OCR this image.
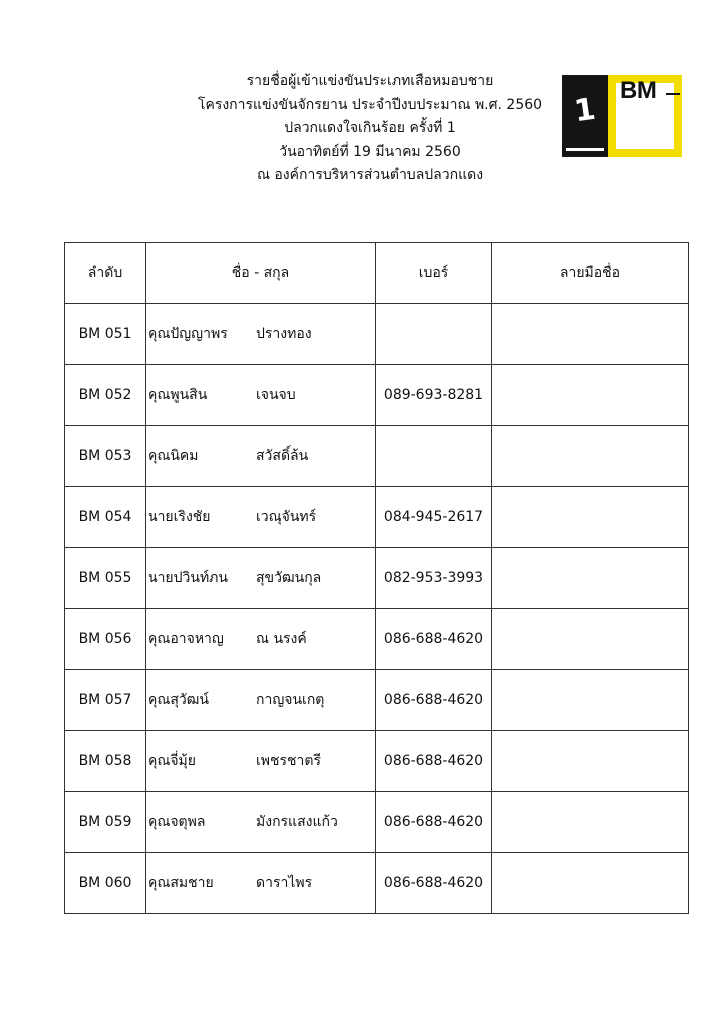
รายชื่อผู้เข้าแข่งขันประเภทเสือหมอบชาย
โครงการแข่งขันจักรยาน ประจำปีงบประมาณ พ.ศ. 2560
ปลวกแดงใจเกินร้อย ครั้งที่ 1
วันอาทิตย์ที่ 19 มีนาคม 2560
ณ องค์การบริหารส่วนตำบลปลวกแดง
1
BM
ลำดับ	ชื่อ - สกุล	เบอร์	ลายมือชื่อ
BM 051	คุณปัญญาพร ปรางทอง		
BM 052	คุณพูนสิน เจนจบ	089-693-8281	
BM 053	คุณนิคม สวัสดิ์ล้น		
BM 054	นายเริงชัย เวณุจันทร์	084-945-2617	
BM 055	นายปวินท์ภน สุขวัฒนกุล	082-953-3993	
BM 056	คุณอาจหาญ ณ นรงค์	086-688-4620	
BM 057	คุณสุวัฒน์ กาญจนเกตุ	086-688-4620	
BM 058	คุณจี่มุ้ย เพชรชาตรี	086-688-4620	
BM 059	คุณจตุพล มังกรแสงแก้ว	086-688-4620	
BM 060	คุณสมชาย ดาราไพร	086-688-4620	
